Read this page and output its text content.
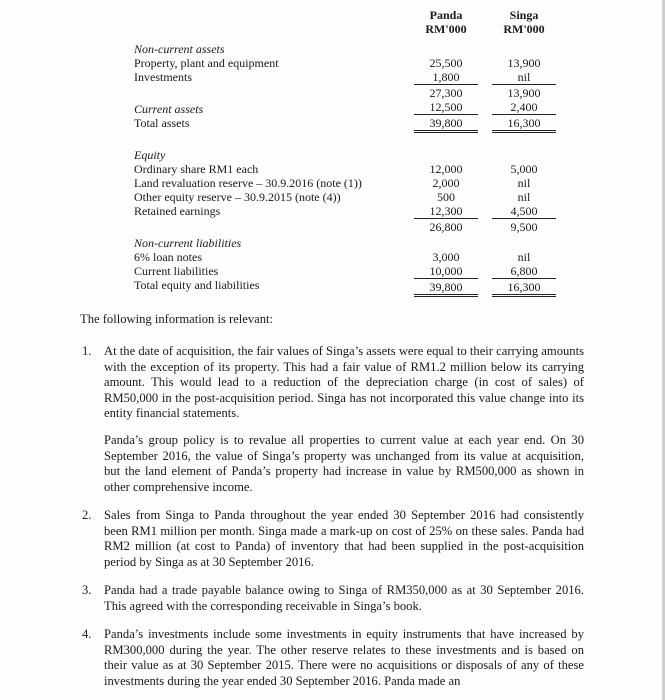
Panda
RM'000
Singa
RM'000
Non-current assets
Property, plant and equipment
Investments
Current assets
Total assets
Equity
Ordinary share RM1 each
Land revaluation reserve – 30.9.2016 (note (1))
Other equity reserve – 30.9.2015 (note (4))
Retained earnings
Non-current liabilities
6% loan notes
Current liabilities
Total equity and liabilities
25,500
1,800
27,300
12,500
39,800
12,000
2,000
500
12,300
26,800
3,000
10,000
39,800
13,900
nil
13,900
2,400
16,300
5,000
nil
nil
4,500
9,500
nil
6,800
16,300
The following information is relevant:
1. At the date of acquisition, the fair values of Singa’s assets were equal to their carrying amounts with the exception of its property. This had a fair value of RM1.2 million below its carrying amount. This would lead to a reduction of the depreciation charge (in cost of sales) of RM50,000 in the post-acquisition period. Singa has not incorporated this value change into its entity financial statements.
Panda’s group policy is to revalue all properties to current value at each year end. On 30 September 2016, the value of Singa’s property was unchanged from its value at acquisition, but the land element of Panda’s property had increase in value by RM500,000 as shown in other comprehensive income.
2. Sales from Singa to Panda throughout the year ended 30 September 2016 had consistently been RM1 million per month. Singa made a mark-up on cost of 25% on these sales. Panda had RM2 million (at cost to Panda) of inventory that had been supplied in the post-acquisition period by Singa as at 30 September 2016.
3. Panda had a trade payable balance owing to Singa of RM350,000 as at 30 September 2016. This agreed with the corresponding receivable in Singa’s book.
4. Panda’s investments include some investments in equity instruments that have increased by RM300,000 during the year. The other reserve relates to these investments and is based on their value as at 30 September 2015. There were no acquisitions or disposals of any of these investments during the year ended 30 September 2016. Panda made an
